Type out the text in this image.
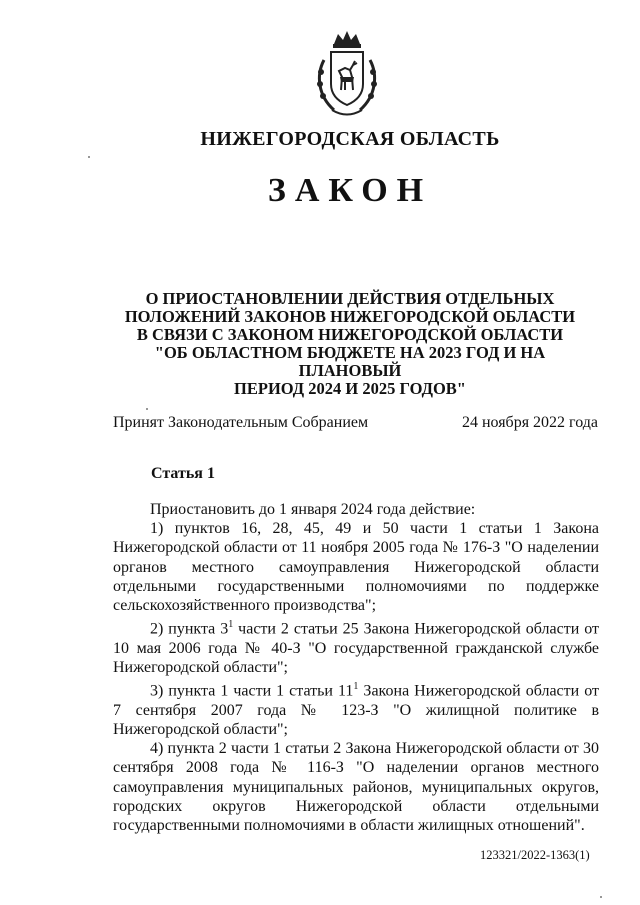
НИЖЕГОРОДСКАЯ ОБЛАСТЬ
ЗАКОН
О ПРИОСТАНОВЛЕНИИ ДЕЙСТВИЯ ОТДЕЛЬНЫХ
ПОЛОЖЕНИЙ ЗАКОНОВ НИЖЕГОРОДСКОЙ ОБЛАСТИ
В СВЯЗИ С ЗАКОНОМ НИЖЕГОРОДСКОЙ ОБЛАСТИ
"ОБ ОБЛАСТНОМ БЮДЖЕТЕ НА 2023 ГОД И НА ПЛАНОВЫЙ
ПЕРИОД 2024 И 2025 ГОДОВ"
Принят Законодательным Собранием	24 ноября 2022 года
Статья 1

Приостановить до 1 января 2024 года действие:

1) пунктов 16, 28, 45, 49 и 50 части 1 статьи 1 Закона Нижегородской области от 11 ноября 2005 года № 176-З "О наделении органов местного самоуправления Нижегородской области отдельными государственными полномочиями по поддержке сельскохозяйственного производства";

2) пункта $3^1$ части 2 статьи 25 Закона Нижегородской области от 10 мая 2006 года № 40-З "О государственной гражданской службе Нижегородской области";

3) пункта 1 части 1 статьи $11^1$ Закона Нижегородской области от 7 сентября 2007 года № 123-З "О жилищной политике в Нижегородской области";

4) пункта 2 части 1 статьи 2 Закона Нижегородской области от 30 сентября 2008 года № 116-З "О наделении органов местного самоуправления муниципальных районов, муниципальных округов, городских округов Нижегородской области отдельными государственными полномочиями в области жилищных отношений".

123321/2022-1363(1)
